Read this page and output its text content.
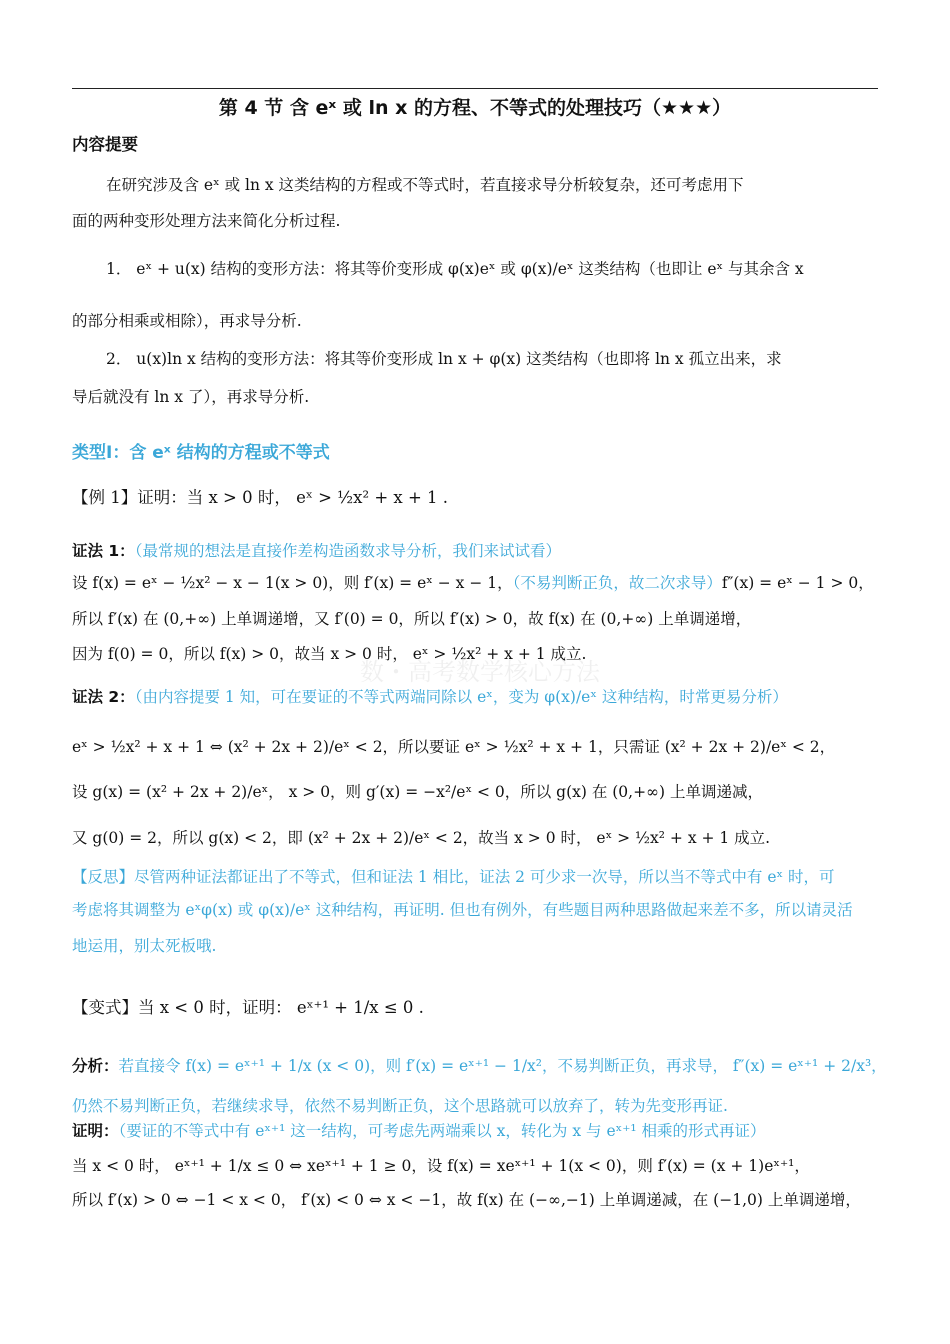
第 4 节 含 eˣ 或 ln x 的方程、不等式的处理技巧（★★★）
内容提要
在研究涉及含 eˣ 或 ln x 这类结构的方程或不等式时，若直接求导分析较复杂，还可考虑用下
面的两种变形处理方法来简化分析过程.
1． eˣ + u(x) 结构的变形方法：将其等价变形成 φ(x)eˣ 或 φ(x)/eˣ 这类结构（也即让 eˣ 与其余含 x
的部分相乘或相除），再求导分析.
2． u(x)ln x 结构的变形方法：将其等价变形成 ln x + φ(x) 这类结构（也即将 ln x 孤立出来，求
导后就没有 ln x 了），再求导分析.
类型Ⅰ：含 eˣ 结构的方程或不等式
【例 1】证明：当 x > 0 时， eˣ > ½x² + x + 1 .
证法 1：（最常规的想法是直接作差构造函数求导分析，我们来试试看）
设 f(x) = eˣ − ½x² − x − 1(x > 0)，则 f′(x) = eˣ − x − 1，（不易判断正负，故二次求导）f″(x) = eˣ − 1 > 0，
所以 f′(x) 在 (0,+∞) 上单调递增，又 f′(0) = 0，所以 f′(x) > 0，故 f(x) 在 (0,+∞) 上单调递增，
因为 f(0) = 0，所以 f(x) > 0，故当 x > 0 时， eˣ > ½x² + x + 1 成立.
数・高考数学核心方法
证法 2：（由内容提要 1 知，可在要证的不等式两端同除以 eˣ，变为 φ(x)/eˣ 这种结构，时常更易分析）
eˣ > ½x² + x + 1 ⇔ (x² + 2x + 2)/eˣ < 2，所以要证 eˣ > ½x² + x + 1，只需证 (x² + 2x + 2)/eˣ < 2，
设 g(x) = (x² + 2x + 2)/eˣ， x > 0，则 g′(x) = −x²/eˣ < 0，所以 g(x) 在 (0,+∞) 上单调递减，
又 g(0) = 2，所以 g(x) < 2，即 (x² + 2x + 2)/eˣ < 2，故当 x > 0 时， eˣ > ½x² + x + 1 成立.
【反思】尽管两种证法都证出了不等式，但和证法 1 相比，证法 2 可少求一次导，所以当不等式中有 eˣ 时，可
考虑将其调整为 eˣφ(x) 或 φ(x)/eˣ 这种结构，再证明. 但也有例外，有些题目两种思路做起来差不多，所以请灵活
地运用，别太死板哦.
【变式】当 x < 0 时，证明： eˣ⁺¹ + 1/x ≤ 0 .
分析：若直接令 f(x) = eˣ⁺¹ + 1/x (x < 0)，则 f′(x) = eˣ⁺¹ − 1/x²，不易判断正负，再求导， f″(x) = eˣ⁺¹ + 2/x³，
仍然不易判断正负，若继续求导，依然不易判断正负，这个思路就可以放弃了，转为先变形再证.
证明：（要证的不等式中有 eˣ⁺¹ 这一结构，可考虑先两端乘以 x，转化为 x 与 eˣ⁺¹ 相乘的形式再证）
当 x < 0 时， eˣ⁺¹ + 1/x ≤ 0 ⇔ xeˣ⁺¹ + 1 ≥ 0，设 f(x) = xeˣ⁺¹ + 1(x < 0)，则 f′(x) = (x + 1)eˣ⁺¹，
所以 f′(x) > 0 ⇔ −1 < x < 0， f′(x) < 0 ⇔ x < −1，故 f(x) 在 (−∞,−1) 上单调递减，在 (−1,0) 上单调递增，
